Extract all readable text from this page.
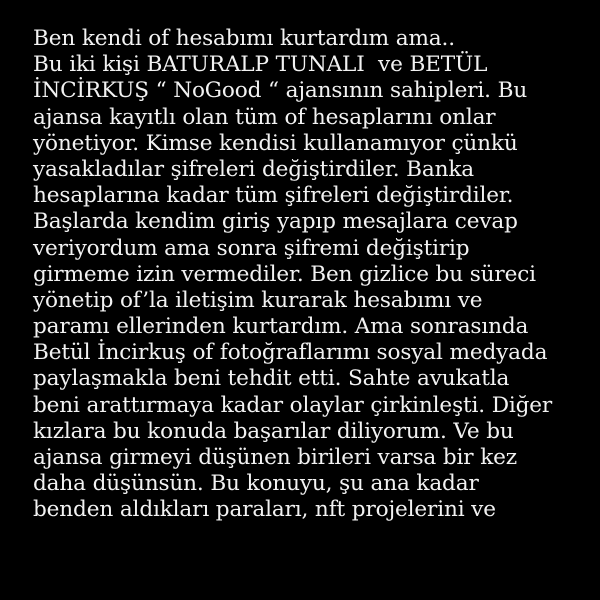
Ben kendi of hesabımı kurtardım ama..
Bu iki kişi BATURALP TUNALI  ve BETÜL
İNCİRKUŞ “ NoGood “ ajansının sahipleri. Bu
ajansa kayıtlı olan tüm of hesaplarını onlar
yönetiyor. Kimse kendisi kullanamıyor çünkü
yasakladılar şifreleri değiştirdiler. Banka
hesaplarına kadar tüm şifreleri değiştirdiler.
Başlarda kendim giriş yapıp mesajlara cevap
veriyordum ama sonra şifremi değiştirip
girmeme izin vermediler. Ben gizlice bu süreci
yönetip of’la iletişim kurarak hesabımı ve
paramı ellerinden kurtardım. Ama sonrasında
Betül İncirkuş of fotoğraflarımı sosyal medyada
paylaşmakla beni tehdit etti. Sahte avukatla
beni arattırmaya kadar olaylar çirkinleşti. Diğer
kızlara bu konuda başarılar diliyorum. Ve bu
ajansa girmeyi düşünen birileri varsa bir kez
daha düşünsün. Bu konuyu, şu ana kadar
benden aldıkları paraları, nft projelerini ve
